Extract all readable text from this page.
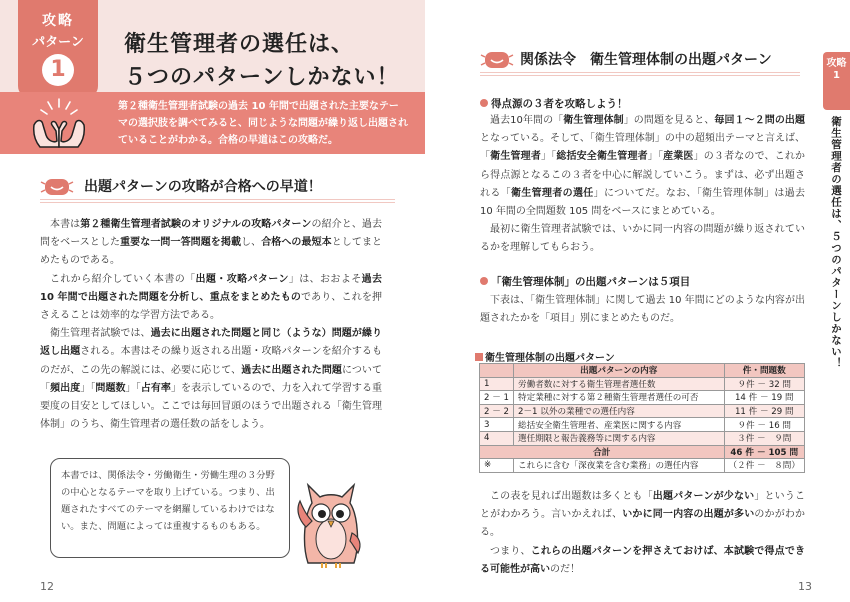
攻略
パターン
1
衛生管理者の選任は、
５つのパターンしかない！
第２種衛生管理者試験の過去 10 年間で出題された主要なテーマの選択肢を調べてみると、同じような問題が繰り返し出題されていることがわかる。合格の早道はこの攻略だ。
出題パターンの攻略が合格への早道！

本書は第２種衛生管理者試験のオリジナルの攻略パターンの紹介と、過去問をベースとした重要な一問一答問題を掲載し、合格への最短本としてまとめたものである。

これから紹介していく本書の「出題・攻略パターン」は、おおよそ過去 10 年間で出題された問題を分析し、重点をまとめたものであり、これを押さえることは効率的な学習方法である。

衛生管理者試験では、過去に出題された問題と同じ（ような）問題が繰り返し出題される。本書はその繰り返される出題・攻略パターンを紹介するものだが、この先の解説には、必要に応じて、過去に出題された問題について「頻出度」「問題数」「占有率」を表示しているので、力を入れて学習する重要度の目安としてほしい。ここでは毎回冒頭のほうで出題される「衛生管理体制」のうち、衛生管理者の選任数の話をしよう。

本書では、関係法令・労働衛生・労働生理の３分野の中心となるテーマを取り上げている。つまり、出題されたすべてのテーマを網羅しているわけではない。また、問題によっては重複するものもある。
12
攻略
1
衛生管理者の選任は、５つのパターンしかない！
関係法令　衛生管理体制の出題パターン
得点源の３者を攻略しよう！

過去10年間の「衛生管理体制」の問題を見ると、毎回１～２問の出題となっている。そして、「衛生管理体制」の中の超頻出テーマと言えば、「衛生管理者」「総括安全衛生管理者」「産業医」の３者なので、これから得点源となるこの３者を中心に解説していこう。まずは、必ず出題される「衛生管理者の選任」についてだ。なお、「衛生管理体制」は過去 10 年間の全問題数 105 問をベースにまとめている。

最初に衛生管理者試験では、いかに同一内容の問題が繰り返されているかを理解してもらおう。

「衛生管理体制」の出題パターンは５項目

下表は、「衛生管理体制」に関して過去 10 年間にどのような内容が出題されたかを「項目」別にまとめたものだ。

衛生管理体制の出題パターン
	出題パターンの内容	件・問題数
1	労働者数に対する衛生管理者選任数	９件 － 32 問
2 － 1	特定業種に対する第２種衛生管理者選任の可否	14 件 － 19 問
2 － 2	2－1 以外の業種での選任内容	11 件 － 29 問
3	総括安全衛生管理者、産業医に関する内容	９件 － 16 問
4	選任期限と報告義務等に関する内容	３件 －　９問
合計		46 件 － 105 問
※	これらに含む「深夜業を含む業務」の選任内容	（２件 －　８問）

この表を見れば出題数は多くとも「出題パターンが少ない」ということがわかろう。言いかえれば、いかに同一内容の出題が多いのかがわかる。

つまり、これらの出題パターンを押さえておけば、本試験で得点できる可能性が高いのだ！

13
